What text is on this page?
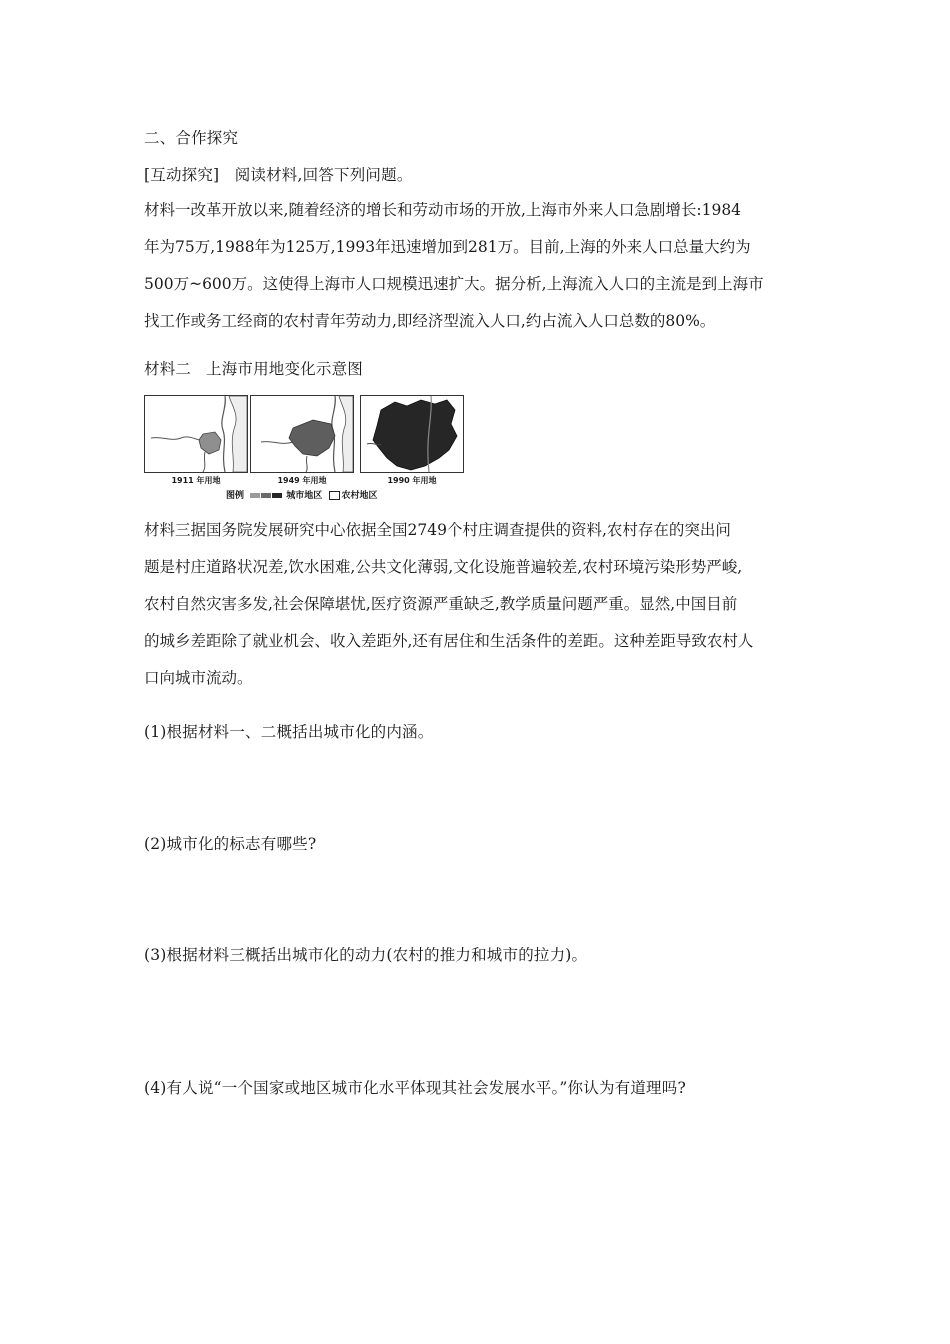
二、合作探究
[互动探究] 阅读材料,回答下列问题。
材料一改革开放以来,随着经济的增长和劳动市场的开放,上海市外来人口急剧增长:1984
年为75万,1988年为125万,1993年迅速增加到281万。目前,上海的外来人口总量大约为
500万~600万。这使得上海市人口规模迅速扩大。据分析,上海流入人口的主流是到上海市
找工作或务工经商的农村青年劳动力,即经济型流入人口,约占流入人口总数的80%。
材料二 上海市用地变化示意图
1911 年用地	1949 年用地	1990 年用地
图例	城市地区 农村地区
材料三据国务院发展研究中心依据全国2749个村庄调查提供的资料,农村存在的突出问
题是村庄道路状况差,饮水困难,公共文化薄弱,文化设施普遍较差,农村环境污染形势严峻,
农村自然灾害多发,社会保障堪忧,医疗资源严重缺乏,教学质量问题严重。显然,中国目前
的城乡差距除了就业机会、收入差距外,还有居住和生活条件的差距。这种差距导致农村人
口向城市流动。
(1)根据材料一、二概括出城市化的内涵。
(2)城市化的标志有哪些?
(3)根据材料三概括出城市化的动力(农村的推力和城市的拉力)。
(4)有人说“一个国家或地区城市化水平体现其社会发展水平。”你认为有道理吗?
